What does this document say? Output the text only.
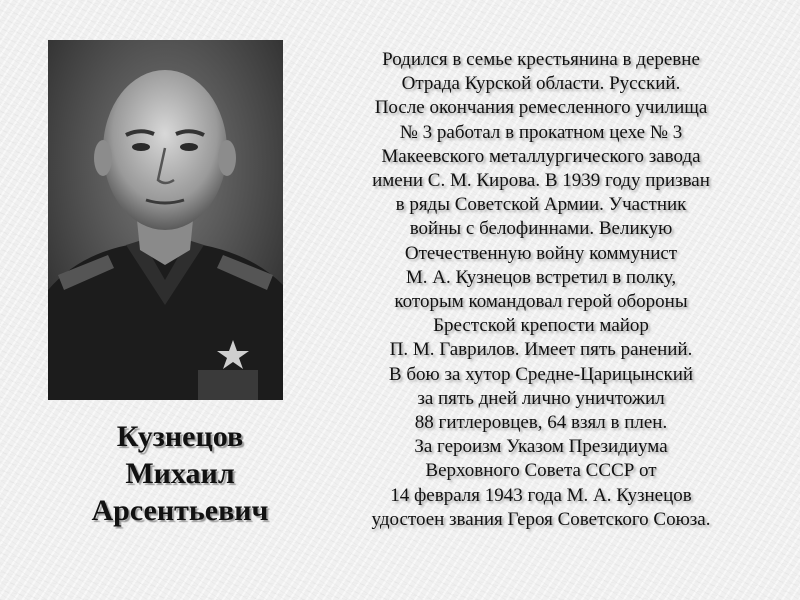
Кузнецов
Михаил
Арсентьевич
Родился в семье крестьянина в деревне
Отрада Курской области. Русский.
После окончания ремесленного училища
№ 3 работал в прокатном цехе № 3
Макеевского металлургического завода
имени С. М. Кирова. В 1939 году призван
в ряды Советской Армии. Участник
войны с белофиннами. Великую
Отечественную войну коммунист
М. А. Кузнецов встретил в полку,
которым командовал герой обороны
Брестской крепости майор
П. М. Гаврилов. Имеет пять ранений.
В бою за хутор Средне-Царицынский
за пять дней лично уничтожил
88 гитлеровцев, 64 взял в плен.
За героизм Указом Президиума
Верховного Совета СССР от
14 февраля 1943 года М. А. Кузнецов
удостоен звания Героя Советского Союза.
